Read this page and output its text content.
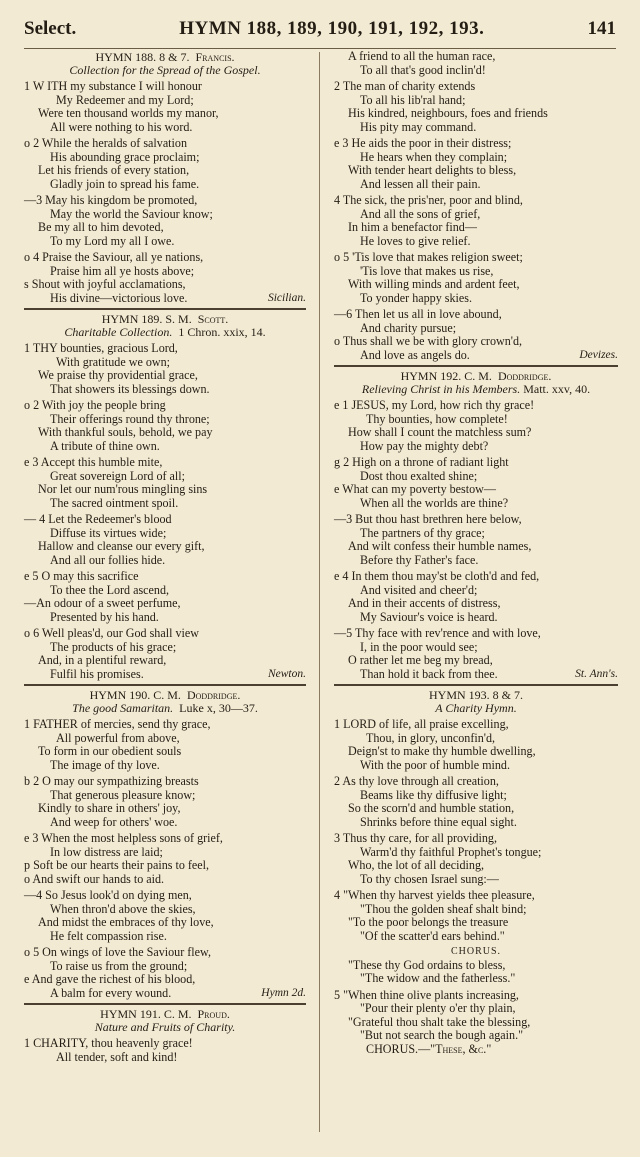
Select.	HYMN 188, 189, 190, 191, 192, 193.	141
HYMN 188. 8 & 7. Francis.
Collection for the Spread of the Gospel.
1 W ITH my substance I will honour
My Redeemer and my Lord;
Were ten thousand worlds my manor,
All were nothing to his word.
o 2 While the heralds of salvation
His abounding grace proclaim;
Let his friends of every station,
Gladly join to spread his fame.
—3 May his kingdom be promoted,
May the world the Saviour know;
Be my all to him devoted,
To my Lord my all I owe.
o 4 Praise the Saviour, all ye nations,
Praise him all ye hosts above;
s Shout with joyful acclamations,
His divine—victorious love.	Sicilian.
HYMN 189. S. M. Scott.
Charitable Collection. 1 Chron. xxix, 14.
1 THY bounties, gracious Lord,
With gratitude we own;
We praise thy providential grace,
That showers its blessings down.
o 2 With joy the people bring
Their offerings round thy throne;
With thankful souls, behold, we pay
A tribute of thine own.
e 3 Accept this humble mite,
Great sovereign Lord of all;
Nor let our num'rous mingling sins
The sacred ointment spoil.
— 4 Let the Redeemer's blood
Diffuse its virtues wide;
Hallow and cleanse our every gift,
And all our follies hide.
e 5 O may this sacrifice
To thee the Lord ascend,
—An odour of a sweet perfume,
Presented by his hand.
o 6 Well pleas'd, our God shall view
The products of his grace;
And, in a plentiful reward,
Fulfil his promises.	Newton.
HYMN 190. C. M. Doddridge.
The good Samaritan. Luke x, 30—37.
1 FATHER of mercies, send thy grace,
All powerful from above,
To form in our obedient souls
The image of thy love.
b 2 O may our sympathizing breasts
That generous pleasure know;
Kindly to share in others' joy,
And weep for others' woe.
e 3 When the most helpless sons of grief,
In low distress are laid;
p Soft be our hearts their pains to feel,
o And swift our hands to aid.
—4 So Jesus look'd on dying men,
When thron'd above the skies,
And midst the embraces of thy love,
He felt compassion rise.
o 5 On wings of love the Saviour flew,
To raise us from the ground;
e And gave the richest of his blood,
A balm for every wound.	Hymn 2d.
HYMN 191. C. M. Proud.
Nature and Fruits of Charity.
1 CHARITY, thou heavenly grace!
All tender, soft and kind!
A friend to all the human race,
To all that's good inclin'd!
2 The man of charity extends
To all his lib'ral hand;
His kindred, neighbours, foes and friends
His pity may command.
e 3 He aids the poor in their distress;
He hears when they complain;
With tender heart delights to bless,
And lessen all their pain.
4 The sick, the pris'ner, poor and blind,
And all the sons of grief,
In him a benefactor find—
He loves to give relief.
o 5 'Tis love that makes religion sweet;
'Tis love that makes us rise,
With willing minds and ardent feet,
To yonder happy skies.
—6 Then let us all in love abound,
And charity pursue;
o Thus shall we be with glory crown'd,
And love as angels do.	Devizes.
HYMN 192. C. M. Doddridge.
Relieving Christ in his Members. Matt. xxv, 40.
e 1 JESUS, my Lord, how rich thy grace!
Thy bounties, how complete!
How shall I count the matchless sum?
How pay the mighty debt?
g 2 High on a throne of radiant light
Dost thou exalted shine;
e What can my poverty bestow—
When all the worlds are thine?
—3 But thou hast brethren here below,
The partners of thy grace;
And wilt confess their humble names,
Before thy Father's face.
e 4 In them thou may'st be cloth'd and fed,
And visited and cheer'd;
And in their accents of distress,
My Saviour's voice is heard.
—5 Thy face with rev'rence and with love,
I, in the poor would see;
O rather let me beg my bread,
Than hold it back from thee.	St. Ann's.
HYMN 193. 8 & 7.
A Charity Hymn.
1 LORD of life, all praise excelling,
Thou, in glory, unconfin'd,
Deign'st to make thy humble dwelling,
With the poor of humble mind.
2 As thy love through all creation,
Beams like thy diffusive light;
So the scorn'd and humble station,
Shrinks before thine equal sight.
3 Thus thy care, for all providing,
Warm'd thy faithful Prophet's tongue;
Who, the lot of all deciding,
To thy chosen Israel sung:—
4 "When thy harvest yields thee pleasure,
"Thou the golden sheaf shalt bind;
"To the poor belongs the treasure
"Of the scatter'd ears behind."
CHORUS.
"These thy God ordains to bless,
"The widow and the fatherless."
5 "When thine olive plants increasing,
"Pour their plenty o'er thy plain,
"Grateful thou shalt take the blessing,
"But not search the bough again."
CHORUS.—"These, &c."
